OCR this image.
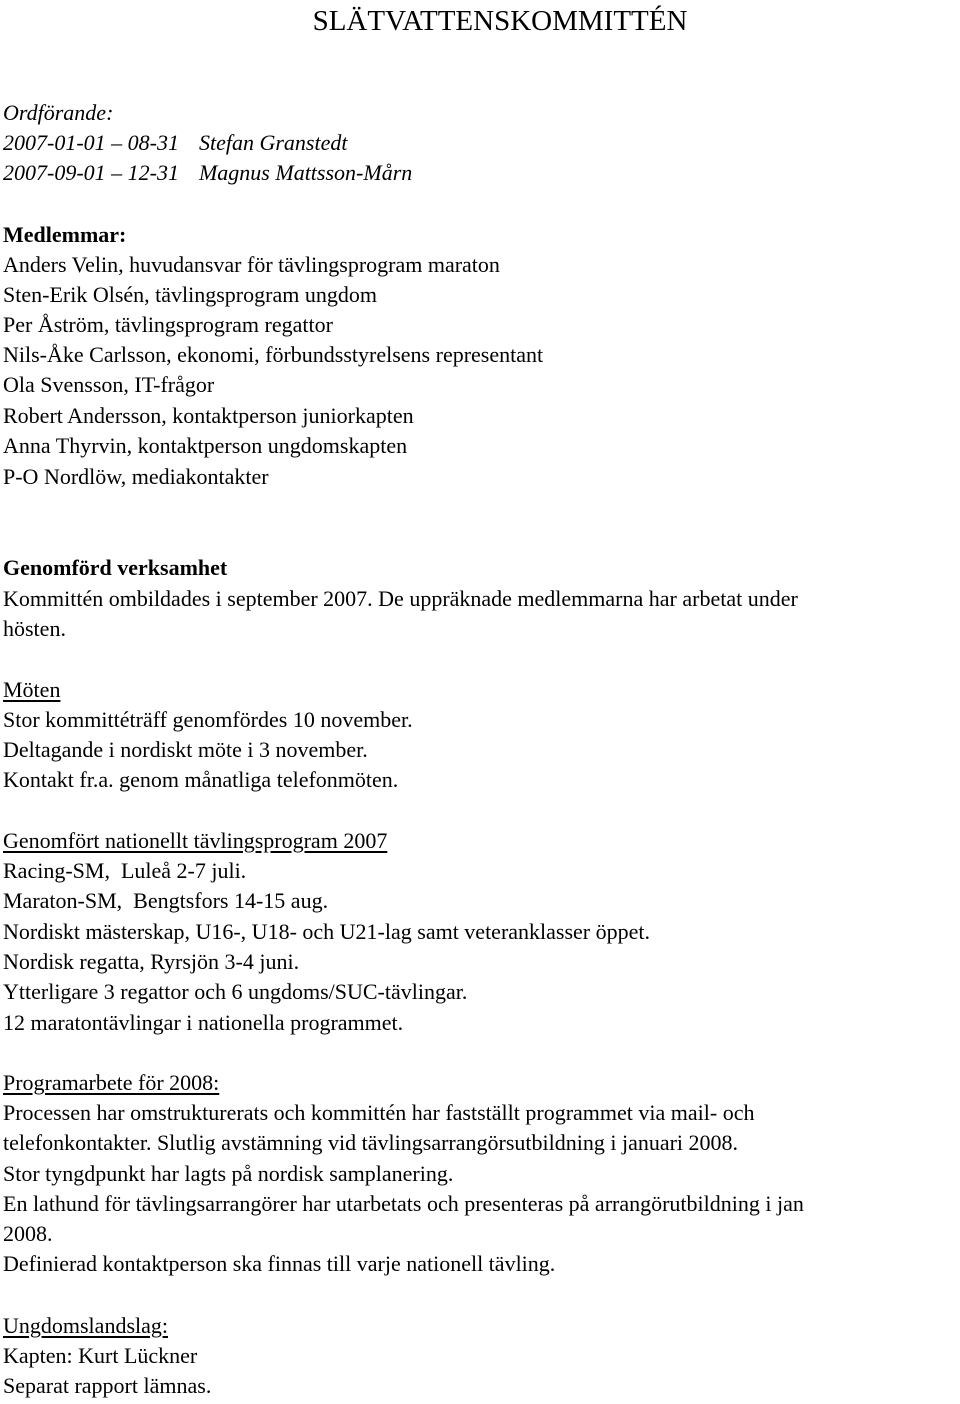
SLÄTVATTENSKOMMITTÉN

Ordförande:

2007-01-01 – 08-31 Stefan Granstedt

2007-09-01 – 12-31 Magnus Mattsson-Mårn

Medlemmar:

Anders Velin, huvudansvar för tävlingsprogram maraton

Sten-Erik Olsén, tävlingsprogram ungdom

Per Åström, tävlingsprogram regattor

Nils-Åke Carlsson, ekonomi, förbundsstyrelsens representant

Ola Svensson, IT-frågor

Robert Andersson, kontaktperson juniorkapten

Anna Thyrvin, kontaktperson ungdomskapten

P-O Nordlöw, mediakontakter

Genomförd verksamhet

Kommittén ombildades i september 2007. De uppräknade medlemmarna har arbetat under

hösten.

Möten

Stor kommittéträff genomfördes 10 november.

Deltagande i nordiskt möte i 3 november.

Kontakt fr.a. genom månatliga telefonmöten.

Genomfört nationellt tävlingsprogram 2007

Racing-SM,  Luleå 2-7 juli.

Maraton-SM,  Bengtsfors 14-15 aug.

Nordiskt mästerskap, U16-, U18- och U21-lag samt veteranklasser öppet.

Nordisk regatta, Ryrsjön 3-4 juni.

Ytterligare 3 regattor och 6 ungdoms/SUC-tävlingar.

12 maratontävlingar i nationella programmet.

Programarbete för 2008:

Processen har omstrukturerats och kommittén har fastställt programmet via mail- och

telefonkontakter. Slutlig avstämning vid tävlingsarrangörsutbildning i januari 2008.

Stor tyngdpunkt har lagts på nordisk samplanering.

En lathund för tävlingsarrangörer har utarbetats och presenteras på arrangörutbildning i jan

2008.

Definierad kontaktperson ska finnas till varje nationell tävling.

Ungdomslandslag:

Kapten: Kurt Lückner

Separat rapport lämnas.
